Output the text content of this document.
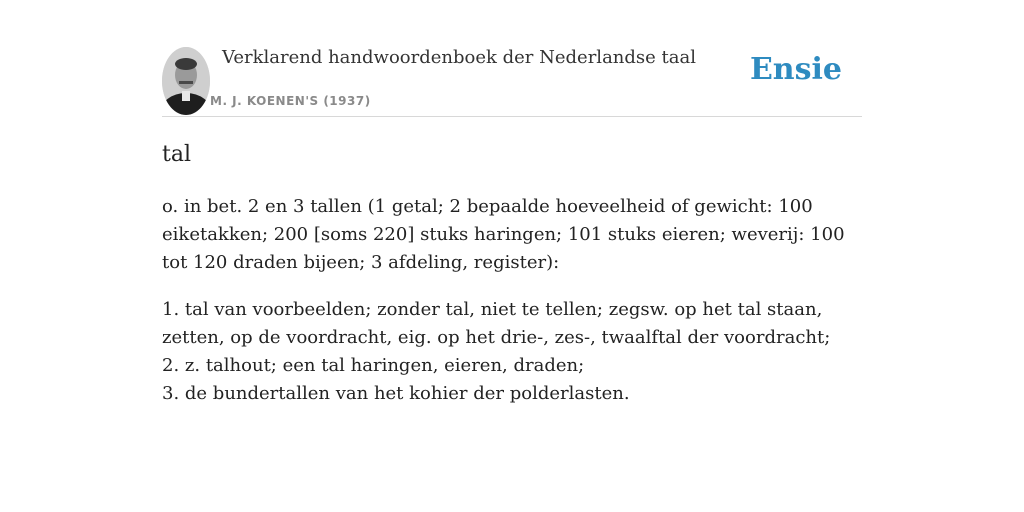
Verklarend handwoordenboek der Nederlandse taal
M. J. KOENEN'S (1937)
Ensie
tal
o. in bet. 2 en 3 tallen (1 getal; 2 bepaalde hoeveelheid of gewicht: 100 eiketakken; 200 [soms 220] stuks haringen; 101 stuks eieren; weverij: 100 tot 120 draden bijeen; 3 afdeling, register):
1. tal van voorbeelden; zonder tal, niet te tellen; zegsw. op het tal staan, zetten, op de voordracht, eig. op het drie-, zes-, twaalftal der voordracht;
2. z. talhout; een tal haringen, eieren, draden;
3. de bundertallen van het kohier der polderlasten.
